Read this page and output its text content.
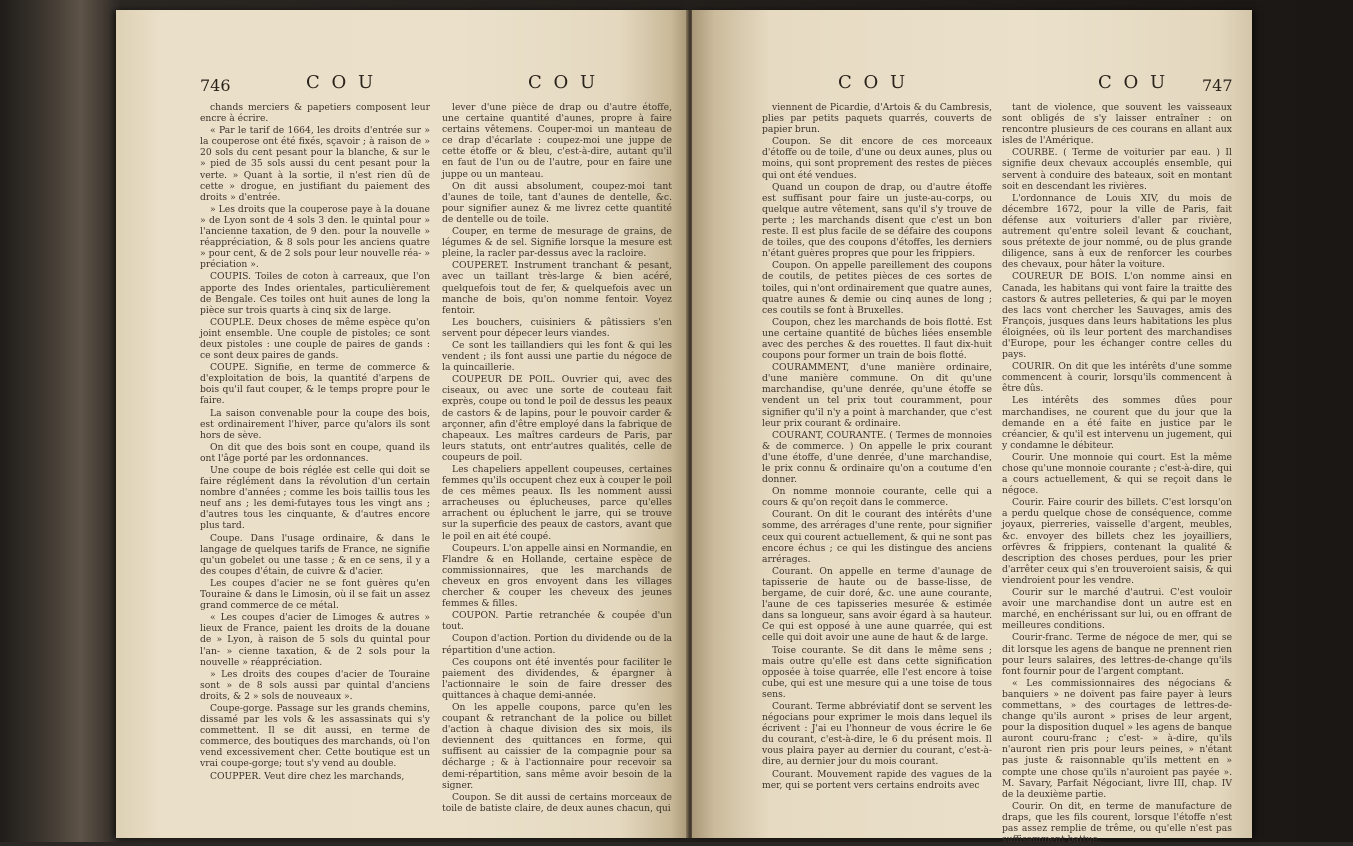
746	C O U	C O U

chands merciers & papetiers composent leur encre à écrire.

« Par le tarif de 1664, les droits d'entrée sur » la couperose ont été fixés, sçavoir ; à raison de » 20 sols du cent pesant pour la blanche, & sur le » pied de 35 sols aussi du cent pesant pour la verte. » Quant à la sortie, il n'est rien dû de cette » drogue, en justifiant du paiement des droits » d'entrée.

» Les droits que la couperose paye à la douane » de Lyon sont de 4 sols 3 den. le quintal pour » l'ancienne taxation, de 9 den. pour la nouvelle » réappréciation, & 8 sols pour les anciens quatre » pour cent, & de 2 sols pour leur nouvelle réa- » préciation ».

COUPIS. Toiles de coton à carreaux, que l'on apporte des Indes orientales, particulièrement de Bengale. Ces toiles ont huit aunes de long la pièce sur trois quarts à cinq six de large.

COUPLE. Deux choses de même espèce qu'on joint ensemble. Une couple de pistoles; ce sont deux pistoles : une couple de paires de gands : ce sont deux paires de gands.

COUPE. Signifie, en terme de commerce & d'exploitation de bois, la quantité d'arpens de bois qu'il faut couper, & le temps propre pour le faire.

La saison convenable pour la coupe des bois, est ordinairement l'hiver, parce qu'alors ils sont hors de sève.

On dit que des bois sont en coupe, quand ils ont l'âge porté par les ordonnances.

Une coupe de bois réglée est celle qui doit se faire réglément dans la révolution d'un certain nombre d'années ; comme les bois taillis tous les neuf ans ; les demi-futayes tous les vingt ans ; d'autres tous les cinquante, & d'autres encore plus tard.

Coupe. Dans l'usage ordinaire, & dans le langage de quelques tarifs de France, ne signifie qu'un gobelet ou une tasse ; & en ce sens, il y a des coupes d'étain, de cuivre & d'acier.

Les coupes d'acier ne se font guères qu'en Touraine & dans le Limosin, où il se fait un assez grand commerce de ce métal.

« Les coupes d'acier de Limoges & autres » lieux de France, paient les droits de la douane de » Lyon, à raison de 5 sols du quintal pour l'an- » cienne taxation, & de 2 sols pour la nouvelle » réappréciation.

» Les droits des coupes d'acier de Touraine sont » de 8 sols aussi par quintal d'anciens droits, & 2 » sols de nouveaux ».

Coupe-gorge. Passage sur les grands chemins, dissamé par les vols & les assassinats qui s'y commettent. Il se dit aussi, en terme de commerce, des boutiques des marchands, où l'on vend excessivement cher. Cette boutique est un vrai coupe-gorge; tout s'y vend au double.

COUPPER. Veut dire chez les marchands,

lever d'une pièce de drap ou d'autre étoffe, une certaine quantité d'aunes, propre à faire certains vêtemens. Couper-moi un manteau de ce drap d'écarlate : coupez-moi une juppe de cette étoffe or & bleu, c'est-à-dire, autant qu'il en faut de l'un ou de l'autre, pour en faire une juppe ou un manteau.

On dit aussi absolument, coupez-moi tant d'aunes de toile, tant d'aunes de dentelle, &c. pour signifier aunez & me livrez cette quantité de dentelle ou de toile.

Couper, en terme de mesurage de grains, de légumes & de sel. Signifie lorsque la mesure est pleine, la racler par-dessus avec la racloire.

COUPERET. Instrument tranchant & pesant, avec un taillant très-large & bien acéré, quelquefois tout de fer, & quelquefois avec un manche de bois, qu'on nomme fentoir. Voyez fentoir.

Les bouchers, cuisiniers & pâtissiers s'en servent pour dépecer leurs viandes.

Ce sont les taillandiers qui les font & qui les vendent ; ils font aussi une partie du négoce de la quincaillerie.

COUPEUR DE POIL. Ouvrier qui, avec des ciseaux, ou avec une sorte de couteau fait exprès, coupe ou tond le poil de dessus les peaux de castors & de lapins, pour le pouvoir carder & arçonner, afin d'être employé dans la fabrique de chapeaux. Les maîtres cardeurs de Paris, par leurs statuts, ont entr'autres qualités, celle de coupeurs de poil.

Les chapeliers appellent coupeuses, certaines femmes qu'ils occupent chez eux à couper le poil de ces mêmes peaux. Ils les nomment aussi arracheuses ou éplucheuses, parce qu'elles arrachent ou épluchent le jarre, qui se trouve sur la superficie des peaux de castors, avant que le poil en ait été coupé.

Coupeurs. L'on appelle ainsi en Normandie, en Flandre & en Hollande, certaine espèce de commissionnaires, que les marchands de cheveux en gros envoyent dans les villages chercher & couper les cheveux des jeunes femmes & filles.

COUPON. Partie retranchée & coupée d'un tout.

Coupon d'action. Portion du dividende ou de la répartition d'une action.

Ces coupons ont été inventés pour faciliter le paiement des dividendes, & épargner à l'actionnaire le soin de faire dresser des quittances à chaque demi-année.

On les appelle coupons, parce qu'en les coupant & retranchant de la police ou billet d'action à chaque division des six mois, ils deviennent des quittances en forme, qui suffisent au caissier de la compagnie pour sa décharge ; & à l'actionnaire pour recevoir sa demi-répartition, sans même avoir besoin de la signer.

Coupon. Se dit aussi de certains morceaux de toile de batiste claire, de deux aunes chacun, qui

C O U	C O U 747

viennent de Picardie, d'Artois & du Cambresis, plies par petits paquets quarrés, couverts de papier brun.

Coupon. Se dit encore de ces morceaux d'étoffe ou de toile, d'une ou deux aunes, plus ou moins, qui sont proprement des restes de pièces qui ont été vendues.

Quand un coupon de drap, ou d'autre étoffe est suffisant pour faire un juste-au-corps, ou quelque autre vêtement, sans qu'il s'y trouve de perte ; les marchands disent que c'est un bon reste. Il est plus facile de se défaire des coupons de toiles, que des coupons d'étoffes, les derniers n'étant guères propres que pour les frippiers.

Coupon. On appelle pareillement des coupons de coutils, de petites pièces de ces sortes de toiles, qui n'ont ordinairement que quatre aunes, quatre aunes & demie ou cinq aunes de long ; ces coutils se font à Bruxelles.

Coupon, chez les marchands de bois flotté. Est une certaine quantité de bûches liées ensemble avec des perches & des rouettes. Il faut dix-huit coupons pour former un train de bois flotté.

COURAMMENT, d'une manière ordinaire, d'une manière commune. On dit qu'une marchandise, qu'une denrée, qu'une étoffe se vendent un tel prix tout couramment, pour signifier qu'il n'y a point à marchander, que c'est leur prix courant & ordinaire.

COURANT, COURANTE. ( Termes de monnoies & de commerce. ) On appelle le prix courant d'une étoffe, d'une denrée, d'une marchandise, le prix connu & ordinaire qu'on a coutume d'en donner.

On nomme monnoie courante, celle qui a cours & qu'on reçoit dans le commerce.

Courant. On dit le courant des intérêts d'une somme, des arrérages d'une rente, pour signifier ceux qui courent actuellement, & qui ne sont pas encore échus ; ce qui les distingue des anciens arrérages.

Courant. On appelle en terme d'aunage de tapisserie de haute ou de basse-lisse, de bergame, de cuir doré, &c. une aune courante, l'aune de ces tapisseries mesurée & estimée dans sa longueur, sans avoir égard à sa hauteur. Ce qui est opposé à une aune quarrée, qui est celle qui doit avoir une aune de haut & de large.

Toise courante. Se dit dans le même sens ; mais outre qu'elle est dans cette signification opposée à toise quarrée, elle l'est encore à toise cube, qui est une mesure qui a une toise de tous sens.

Courant. Terme abbréviatif dont se servent les négocians pour exprimer le mois dans lequel ils écrivent : J'ai eu l'honneur de vous écrire le 6e du courant, c'est-à-dire, le 6 du présent mois. Il vous plaira payer au dernier du courant, c'est-à-dire, au dernier jour du mois courant.

Courant. Mouvement rapide des vagues de la mer, qui se portent vers certains endroits avec

tant de violence, que souvent les vaisseaux sont obligés de s'y laisser entraîner : on rencontre plusieurs de ces courans en allant aux isles de l'Amérique.

COURBE. ( Terme de voiturier par eau. ) Il signifie deux chevaux accouplés ensemble, qui servent à conduire des bateaux, soit en montant soit en descendant les rivières.

L'ordonnance de Louis XIV, du mois de décembre 1672, pour la ville de Paris, fait défense aux voituriers d'aller par rivière, autrement qu'entre soleil levant & couchant, sous prétexte de jour nommé, ou de plus grande diligence, sans à eux de renforcer les courbes des chevaux, pour hâter la voiture.

COUREUR DE BOIS. L'on nomme ainsi en Canada, les habitans qui vont faire la traitte des castors & autres pelleteries, & qui par le moyen des lacs vont chercher les Sauvages, amis des François, jusques dans leurs habitations les plus éloignées, où ils leur portent des marchandises d'Europe, pour les échanger contre celles du pays.

COURIR. On dit que les intérêts d'une somme commencent à courir, lorsqu'ils commencent à être dûs.

Les intérêts des sommes dûes pour marchandises, ne courent que du jour que la demande en a été faite en justice par le créancier, & qu'il est intervenu un jugement, qui y condamne le débiteur.

Courir. Une monnoie qui court. Est la même chose qu'une monnoie courante ; c'est-à-dire, qui a cours actuellement, & qui se reçoit dans le négoce.

Courir. Faire courir des billets. C'est lorsqu'on a perdu quelque chose de conséquence, comme joyaux, pierreries, vaisselle d'argent, meubles, &c. envoyer des billets chez les joyailliers, orfèvres & frippiers, contenant la qualité & description des choses perdues, pour les prier d'arrêter ceux qui s'en trouveroient saisis, & qui viendroient pour les vendre.

Courir sur le marché d'autrui. C'est vouloir avoir une marchandise dont un autre est en marché, en enchérissant sur lui, ou en offrant de meilleures conditions.

Courir-franc. Terme de négoce de mer, qui se dit lorsque les agens de banque ne prennent rien pour leurs salaires, des lettres-de-change qu'ils font fournir pour de l'argent comptant.

« Les commissionnaires des négocians & banquiers » ne doivent pas faire payer à leurs commettans, » des courtages de lettres-de-change qu'ils auront » prises de leur argent, pour la disposition duquel » les agens de banque auront couru-franc ; c'est- » à-dire, qu'ils n'auront rien pris pour leurs peines, » n'étant pas juste & raisonnable qu'ils mettent en » compte une chose qu'ils n'auroient pas payée ». M. Savary, Parfait Négociant, livre III, chap. IV de la deuxième partie.

Courir. On dit, en terme de manufacture de draps, que les fils courent, lorsque l'étoffe n'est pas assez remplie de trême, ou qu'elle n'est pas suffisamment battue.
